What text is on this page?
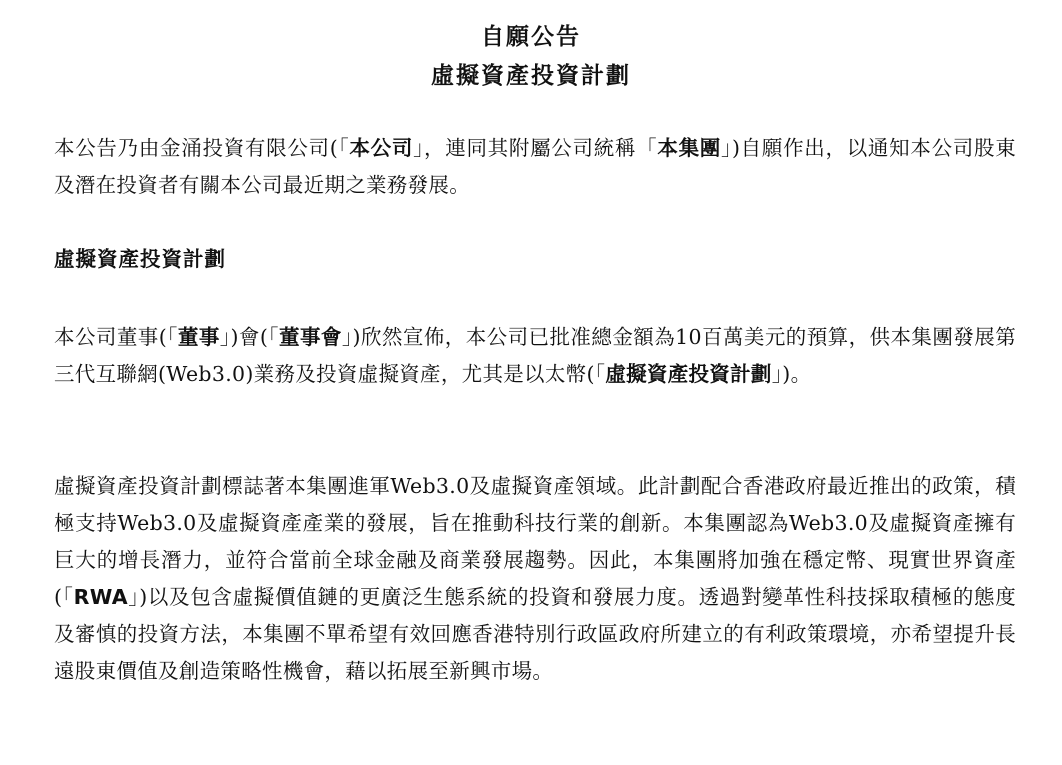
自願公告
虛擬資產投資計劃
本公告乃由金涌投資有限公司(「本公司」，連同其附屬公司統稱「本集團」)自願作出，以通知本公司股東及潛在投資者有關本公司最近期之業務發展。
虛擬資產投資計劃
本公司董事(「董事」)會(「董事會」)欣然宣佈，本公司已批准總金額為10百萬美元的預算，供本集團發展第三代互聯網(Web3.0)業務及投資虛擬資產，尤其是以太幣(「虛擬資產投資計劃」)。
虛擬資產投資計劃標誌著本集團進軍Web3.0及虛擬資產領域。此計劃配合香港政府最近推出的政策，積極支持Web3.0及虛擬資產產業的發展，旨在推動科技行業的創新。本集團認為Web3.0及虛擬資產擁有巨大的增長潛力，並符合當前全球金融及商業發展趨勢。因此，本集團將加強在穩定幣、現實世界資產(「RWA」)以及包含虛擬價值鏈的更廣泛生態系統的投資和發展力度。透過對變革性科技採取積極的態度及審慎的投資方法，本集團不單希望有效回應香港特別行政區政府所建立的有利政策環境，亦希望提升長遠股東價值及創造策略性機會，藉以拓展至新興市場。
